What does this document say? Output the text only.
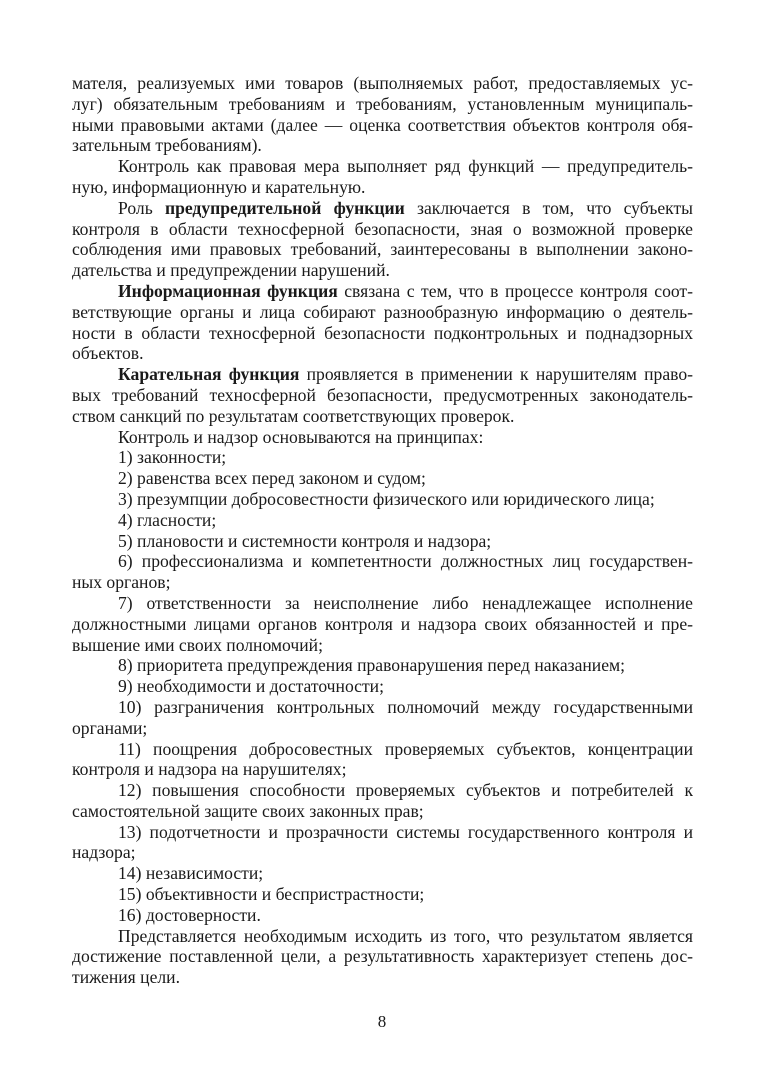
мателя, реализуемых ими товаров (выполняемых работ, предоставляемых ус-
луг) обязательным требованиям и требованиям, установленным муниципаль-
ными правовыми актами (далее — оценка соответствия объектов контроля обя-
зательным требованиям).
Контроль как правовая мера выполняет ряд функций — предупредитель-
ную, информационную и карательную.
Роль предупредительной функции заключается в том, что субъекты
контроля в области техносферной безопасности, зная о возможной проверке
соблюдения ими правовых требований, заинтересованы в выполнении законо-
дательства и предупреждении нарушений.
Информационная функция связана с тем, что в процессе контроля соот-
ветствующие органы и лица собирают разнообразную информацию о деятель-
ности в области техносферной безопасности подконтрольных и поднадзорных
объектов.
Карательная функция проявляется в применении к нарушителям право-
вых требований техносферной безопасности, предусмотренных законодатель-
ством санкций по результатам соответствующих проверок.
Контроль и надзор основываются на принципах:
1) законности;
2) равенства всех перед законом и судом;
3) презумпции добросовестности физического или юридического лица;
4) гласности;
5) плановости и системности контроля и надзора;
6) профессионализма и компетентности должностных лиц государствен-
ных органов;
7) ответственности за неисполнение либо ненадлежащее исполнение
должностными лицами органов контроля и надзора своих обязанностей и пре-
вышение ими своих полномочий;
8) приоритета предупреждения правонарушения перед наказанием;
9) необходимости и достаточности;
10) разграничения контрольных полномочий между государственными
органами;
11) поощрения добросовестных проверяемых субъектов, концентрации
контроля и надзора на нарушителях;
12) повышения способности проверяемых субъектов и потребителей к
самостоятельной защите своих законных прав;
13) подотчетности и прозрачности системы государственного контроля и
надзора;
14) независимости;
15) объективности и беспристрастности;
16) достоверности.
Представляется необходимым исходить из того, что результатом является
достижение поставленной цели, а результативность характеризует степень дос-
тижения цели.
8
